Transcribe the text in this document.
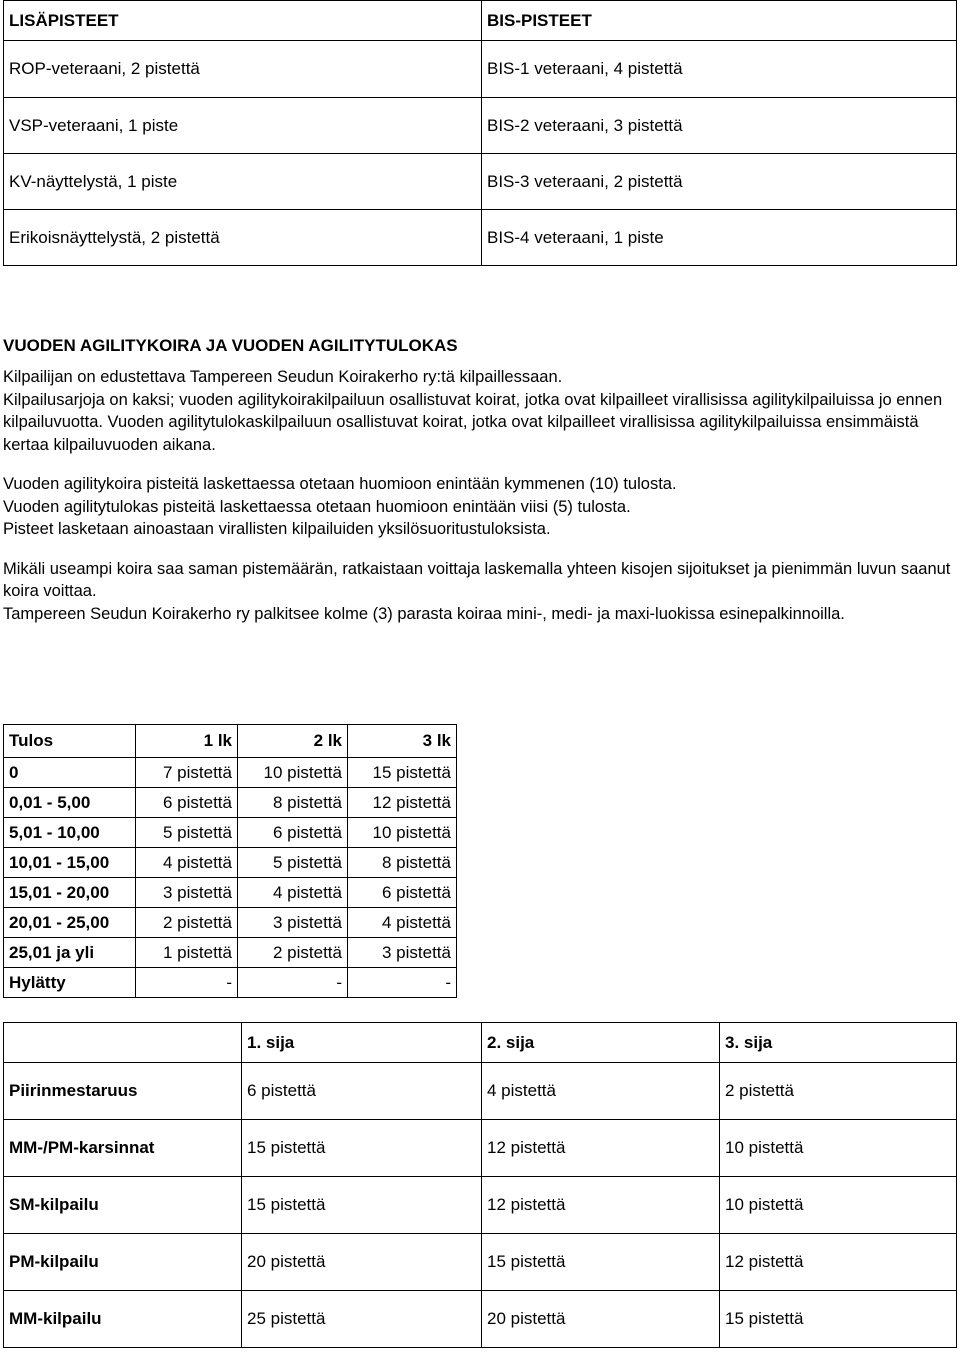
LISÄPISTEET	BIS-PISTEET
ROP-veteraani, 2 pistettä	BIS-1 veteraani, 4 pistettä
VSP-veteraani, 1 piste	BIS-2 veteraani, 3 pistettä
KV-näyttelystä, 1 piste	BIS-3 veteraani, 2 pistettä
Erikoisnäyttelystä, 2 pistettä	BIS-4 veteraani, 1 piste
VUODEN AGILITYKOIRA JA VUODEN AGILITYTULOKAS

Kilpailijan on edustettava Tampereen Seudun Koirakerho ry:tä kilpaillessaan.
Kilpailusarjoja on kaksi; vuoden agilitykoirakilpailuun osallistuvat koirat, jotka ovat kilpailleet virallisissa agilitykilpailuissa jo ennen kilpailuvuotta. Vuoden agilitytulokaskilpailuun osallistuvat koirat, jotka ovat kilpailleet virallisissa agilitykilpailuissa ensimmäistä kertaa kilpailuvuoden aikana.

Vuoden agilitykoira pisteitä laskettaessa otetaan huomioon enintään kymmenen (10) tulosta.
Vuoden agilitytulokas pisteitä laskettaessa otetaan huomioon enintään viisi (5) tulosta.
Pisteet lasketaan ainoastaan virallisten kilpailuiden yksilösuoritustuloksista.

Mikäli useampi koira saa saman pistemäärän, ratkaistaan voittaja laskemalla yhteen kisojen sijoitukset ja pienimmän luvun saanut koira voittaa.
Tampereen Seudun Koirakerho ry palkitsee kolme (3) parasta koiraa mini-, medi- ja maxi-luokissa esinepalkinnoilla.

Tulos	1 lk	2 lk	3 lk
0	7 pistettä	10 pistettä	15 pistettä
0,01 - 5,00	6 pistettä	8 pistettä	12 pistettä
5,01 - 10,00	5 pistettä	6 pistettä	10 pistettä
10,01 - 15,00	4 pistettä	5 pistettä	8 pistettä
15,01 - 20,00	3 pistettä	4 pistettä	6 pistettä
20,01 - 25,00	2 pistettä	3 pistettä	4 pistettä
25,01 ja yli	1 pistettä	2 pistettä	3 pistettä
Hylätty	-	-	-
	1. sija	2. sija	3. sija
Piirinmestaruus	6 pistettä	4 pistettä	2 pistettä
MM-/PM-karsinnat	15 pistettä	12 pistettä	10 pistettä
SM-kilpailu	15 pistettä	12 pistettä	10 pistettä
PM-kilpailu	20 pistettä	15 pistettä	12 pistettä
MM-kilpailu	25 pistettä	20 pistettä	15 pistettä
